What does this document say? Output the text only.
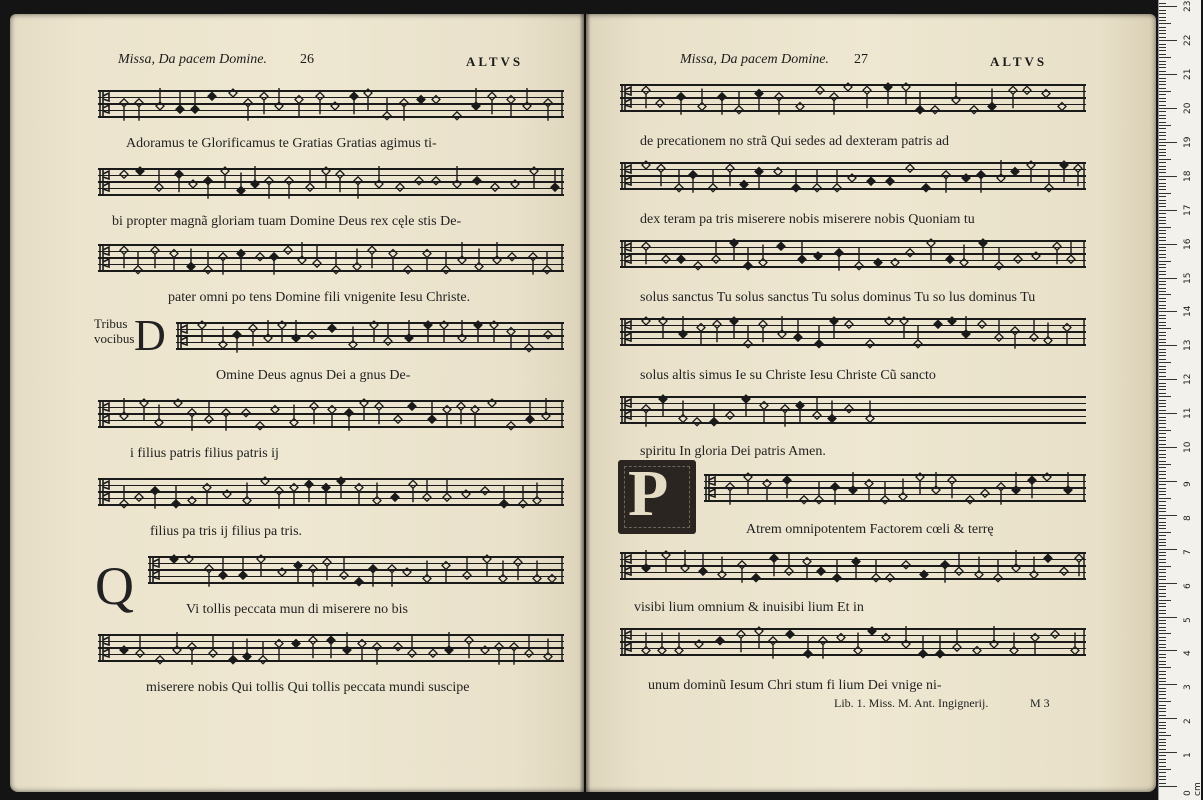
Missa, Da pacem Domine. 26	ALTVS	Missa, Da pacem Domine. 27	ALTVS
Adoramus te Glorificamus te Gratias Gratias agimus ti-
bi propter magnã gloriam tuam Domine Deus rex cęle stis De-
pater omni po tens Domine fili vnigenite Iesu Christe.
Tribus
vocibus D
Omine Deus agnus Dei a gnus De-
i filius patris filius patris ij
filius pa tris ij filius pa tris.
Q	Vi tollis peccata mun di miserere no bis
miserere nobis Qui tollis Qui tollis peccata mundi suscipe
de precationem no strã Qui sedes ad dexteram patris ad
dex teram pa tris miserere nobis miserere nobis Quoniam tu
solus sanctus Tu solus sanctus Tu solus dominus Tu so lus dominus Tu
solus altis simus Ie su Christe Iesu Christe Cũ sancto
spiritu In gloria Dei patris Amen.
P	Atrem omnipotentem Factorem cœli & terrę
visibi lium omnium & inuisibi lium Et in
unum dominũ Iesum Chri stum fi lium Dei vnige ni-
Lib. 1. Miss. M. Ant. Ingignerij.	M 3
0 cm
1
2
3
4
5
6
7
8
9
10
11
12
13
14
15
16
17
18
19
20
21
22
23
